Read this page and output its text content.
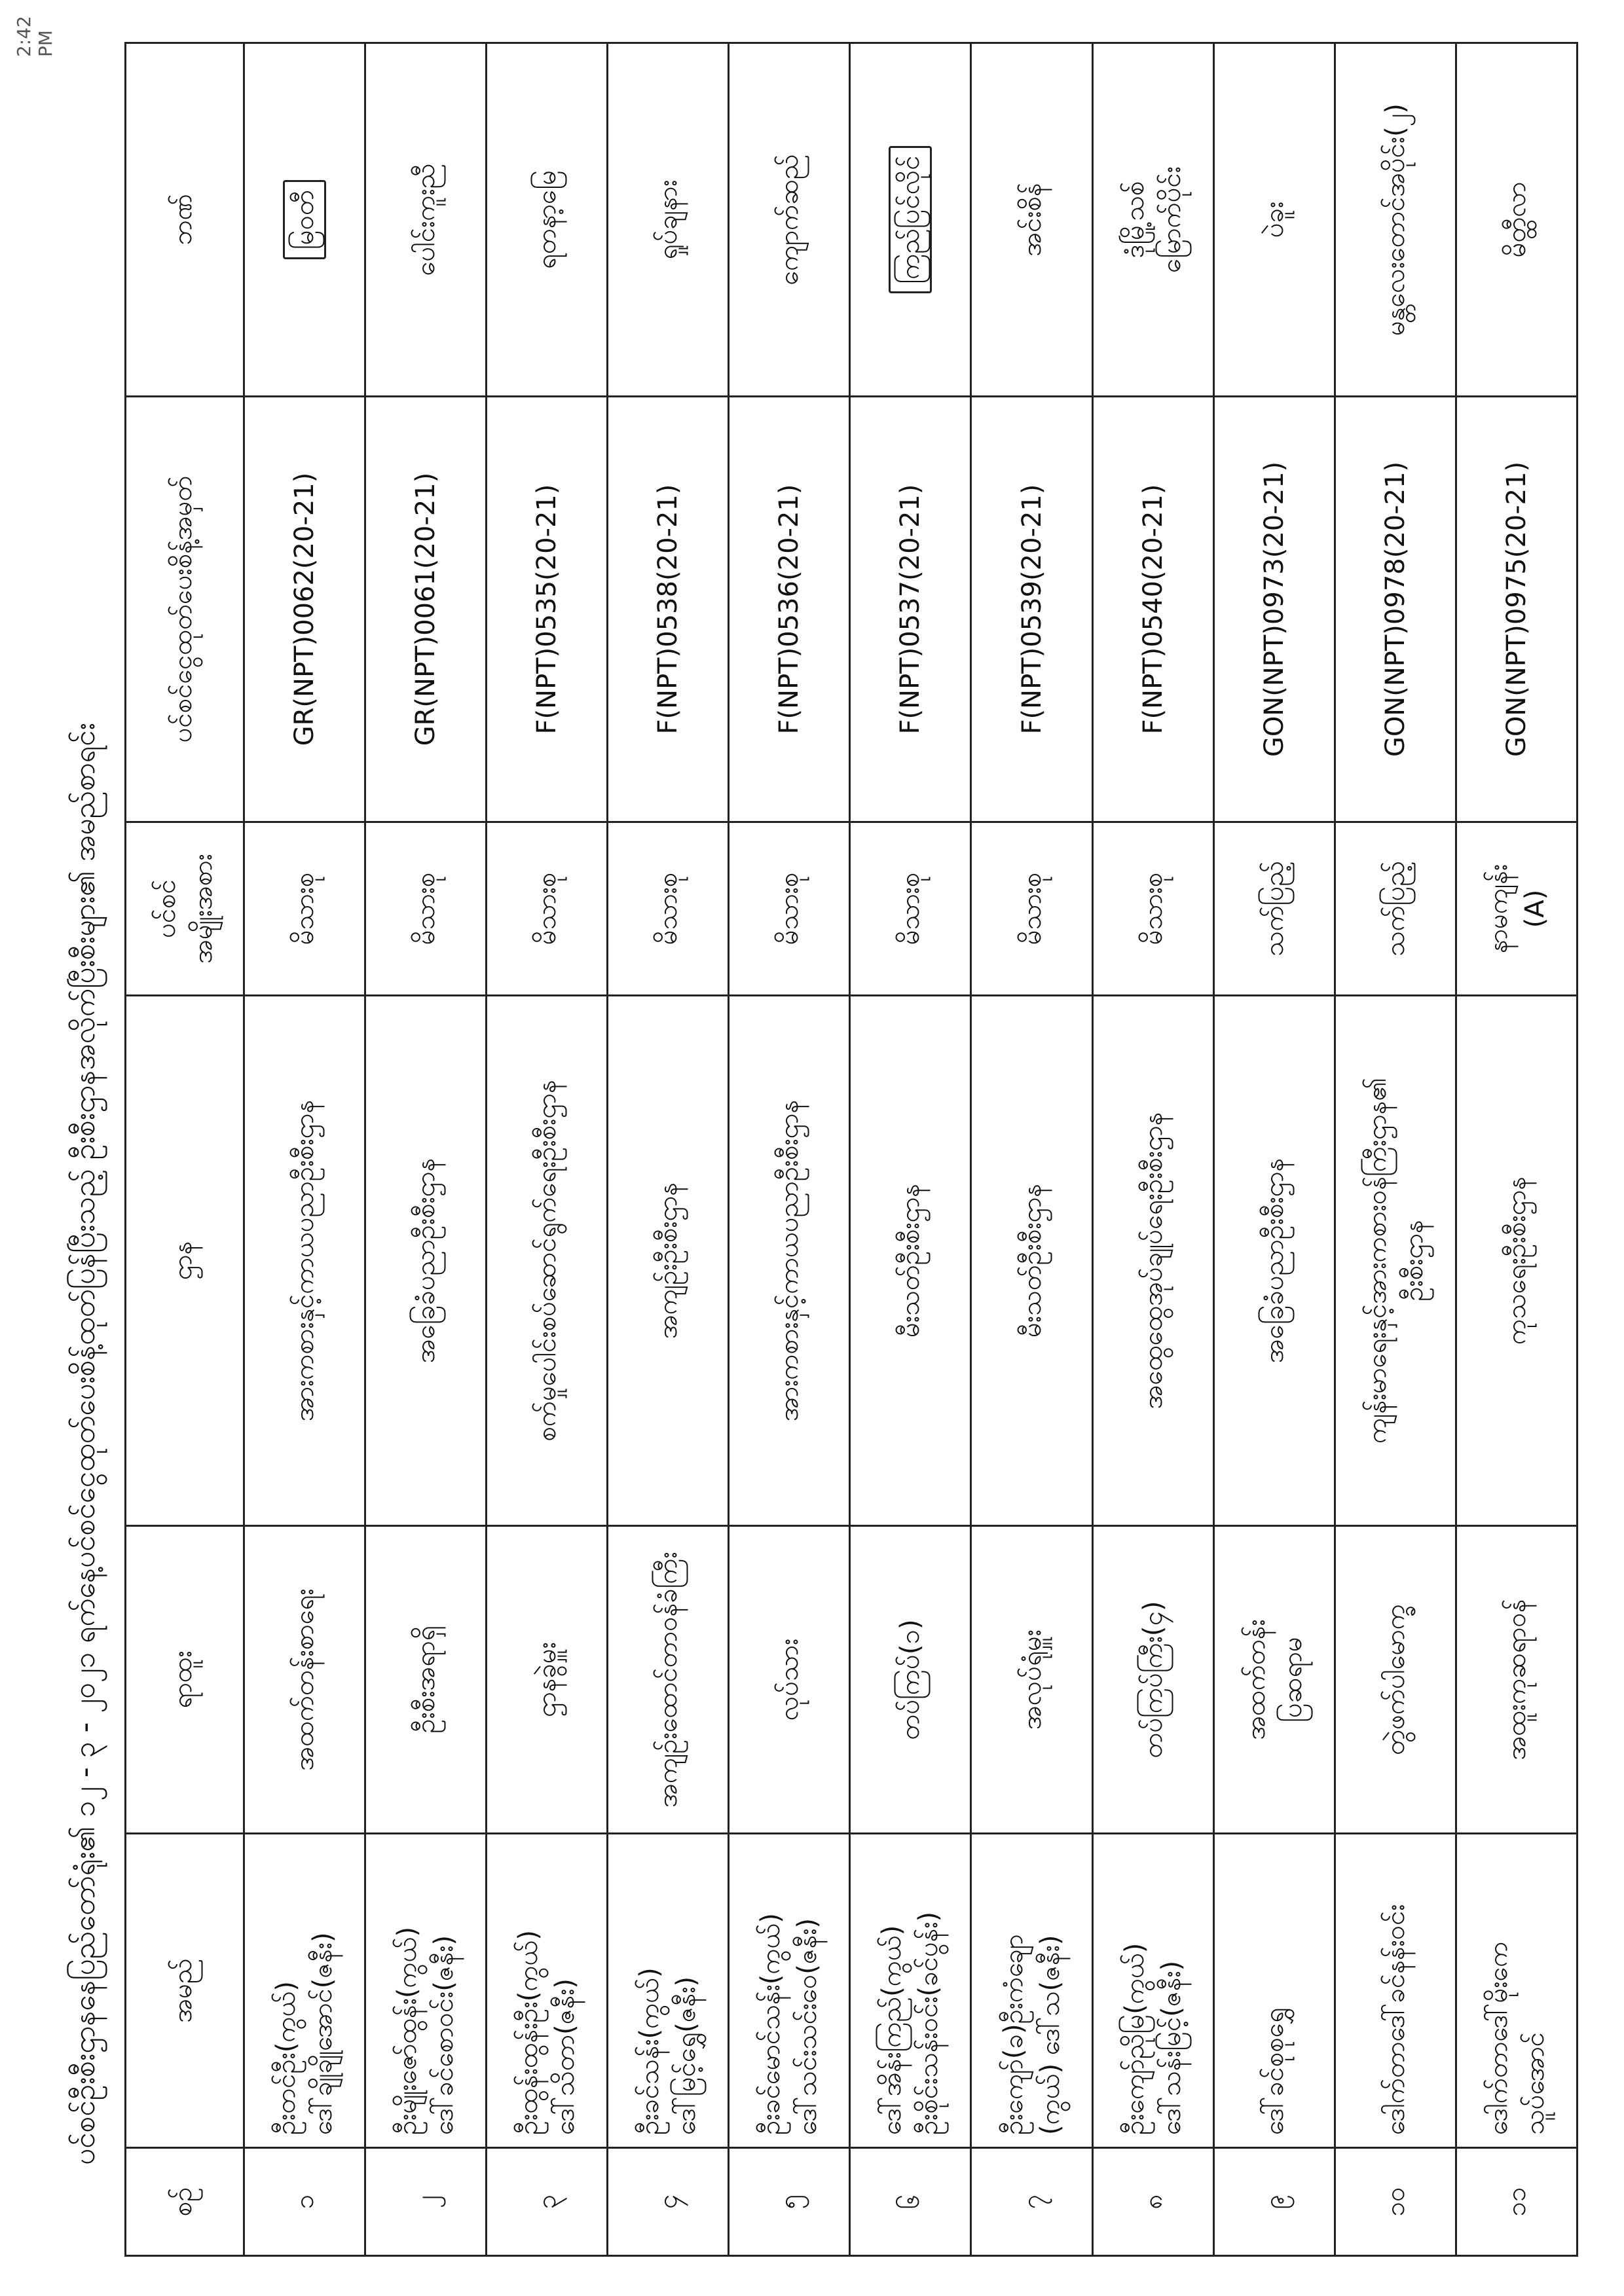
ပင်စင်ဦးစီးဌာနနေပြည်တော်ရုံး၏ ၁၂ - ၃ - ၂၀၂၁ ရက်နေ့ပင်စင်ငွေထုတ်ပေးစိန့်ထုတ်ပြန်ပြီးသည့် ဦးစီးဌာနအလိုက်ပြီးစီးများ၏ အမည်စာရင်း
2:42 PM
စဉ်	အမည်	ရာထူး	ဌာန	ပင်စင် အမျိုးအစား	ပင်စင်ငွေထုတ်ပေးစိန့်အမှတ်	ဘဏ်

၁	ဦးတင်ဦး(ကွယ်) ဒေါ်ချိုချိုအောင်(ဇနီး)	အထက်တန်းစာရေး	အားကစားနှင့်ကာယပညာဦးစီးဌာန	မိသားစု	GR(NPT)0062(20-21)	မြဝတီ

၂	ဦးမျိုးဇော်ထွန်း(ကွယ်) ဒေါ်ခင်စောဝင်း(ဇနီး)	ဦးစီးအရာရှိ	အခြေခံပညာဦးစီးဌာန	မိသားစု	GR(NPT)0061(20-21)	ပေါင်းကူးညီ

၃	ဦးထွန်းထွန်းဦး(ကွယ်) ဒေါ်သိတာ(ဇနီး)	ဌာနခွဲမှူး	စက်မှုပေါင်းစပ်ဆောင်ရွက်ရေးဦးစီးဌာန	မိသားစု	F(NPT)0535(20-21)	ရတနာ့မြေ

၄	ဦးခင်သန်း(ကွယ်) ဒေါ်မြင့်ရွှေ(ဇနီး)	အကျဉ်းထောင်တာဝန်ခံကြီး	အကျဉ်းဦးစီးဌာန	မိသားစု	F(NPT)0538(20-21)	ရှုပ်ချနား

၅	ဦးခင်မောင်သန်း(ကွယ်) ဒေါ်သင်းသင်းဝေ(ဇနီး)	လုပ်သား	အားကစားနှင့်ကာယပညာဦးစီးဌာန	မိသားစု	F(NPT)0536(20-21)	ကျောက်ဆည်

၆	ဒေါ်အိန်းကြည်(ကွယ်) ဦးစိုင်းသန်းဝင်း(ခင်ပွန်း)	တပ်ကြပ်(၁)	မီးသတ်ဦးစီးဌာန	မိသားစု	F(NPT)0537(20-21)	ကြည်ပြင်လိုင်

၇	ဦးကျော်(ခ)ဦးကံချော (ကွယ်) ဒေါ်သ(ဇနီး)	အလုပ်ရုံမှူး	မီးသတ်ဦးစီးဌာန	မိသားစု	F(NPT)0539(20-21)	အင်းစိန်

၈	ဦးကျော်ညိုမြ(ကွယ်) ဒေါ်သန်းမြင့်(ဇနီး)	တပ်ကြပ်ကြီး(၄)	အထွေထွေအုပ်ချုပ်ရေးဦးစီးဌာန	မိသားစု	F(NPT)0540(20-21)	ဒုံမြို့သစ် မြောက်ပိုင်း

၉	ဒေါ်ခင်စုစုရွှေ	အထက်တန်း ပြဆရာမ	အခြေခံပညာဦးစီးဌာန	သက်ပြည့်	GON(NPT)0973(20-21)	ပဲခူး

၁၀	ဒေါက်တာဒေါ်ခင်နန်းဝင်း	တွဲဖက်ပါမောက္ခ	ကျန်းမာရေးနှင့်အားကစားဝန်ကြီးဌာန၏ ဦးစီးဌာန	သက်ပြည့်	GON(NPT)0978(20-21)	မန္တလေးတောင်အပိုင်း(၂)

၁၁	ဒေါက်တာဒေါ်မိုးကေ သူပ်အောင်	အထူးကုဆရာဝန်	ကုသရေးဦးစီးဌာန	နာမကျန်း (A)	GON(NPT)0975(20-21)	မိတ္ထီလာ
